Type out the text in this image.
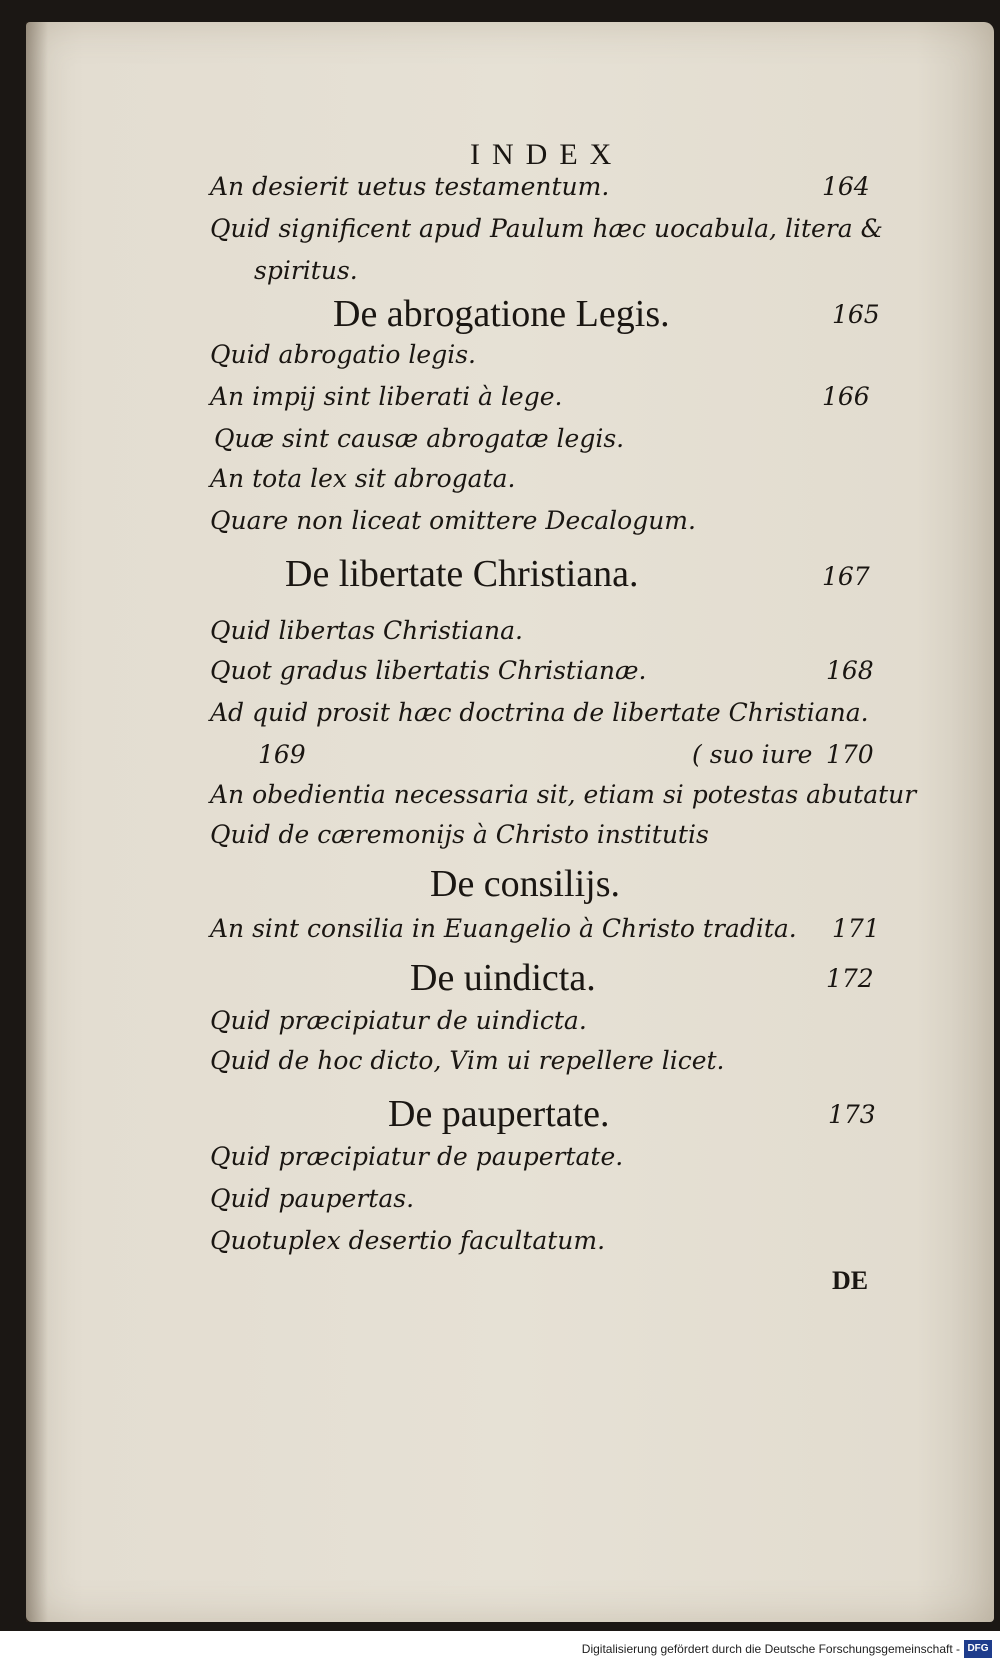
INDEX
An desierit uetus testamentum.	164
Quid significent apud Paulum hæc uocabula, litera &
spiritus.
De abrogatione Legis.	165
Quid abrogatio legis.
An impij sint liberati à lege.	166
Quæ sint causæ abrogatæ legis.
An tota lex sit abrogata.
Quare non liceat omittere Decalogum.
De libertate Christiana.	167
Quid libertas Christiana.
Quot gradus libertatis Christianæ.	168
Ad quid prosit hæc doctrina de libertate Christiana.
169	( suo iure 170
An obedientia necessaria sit, etiam si potestas abutatur
Quid de cæremonijs à Christo institutis
De consilijs.
An sint consilia in Euangelio à Christo tradita. 171
De uindicta.	172
Quid præcipiatur de uindicta.
Quid de hoc dicto, Vim ui repellere licet.
De paupertate.	173
Quid præcipiatur de paupertate.
Quid paupertas.
Quotuplex desertio facultatum.
DE
Digitalisierung gefördert durch die Deutsche Forschungsgemeinschaft - DFG
